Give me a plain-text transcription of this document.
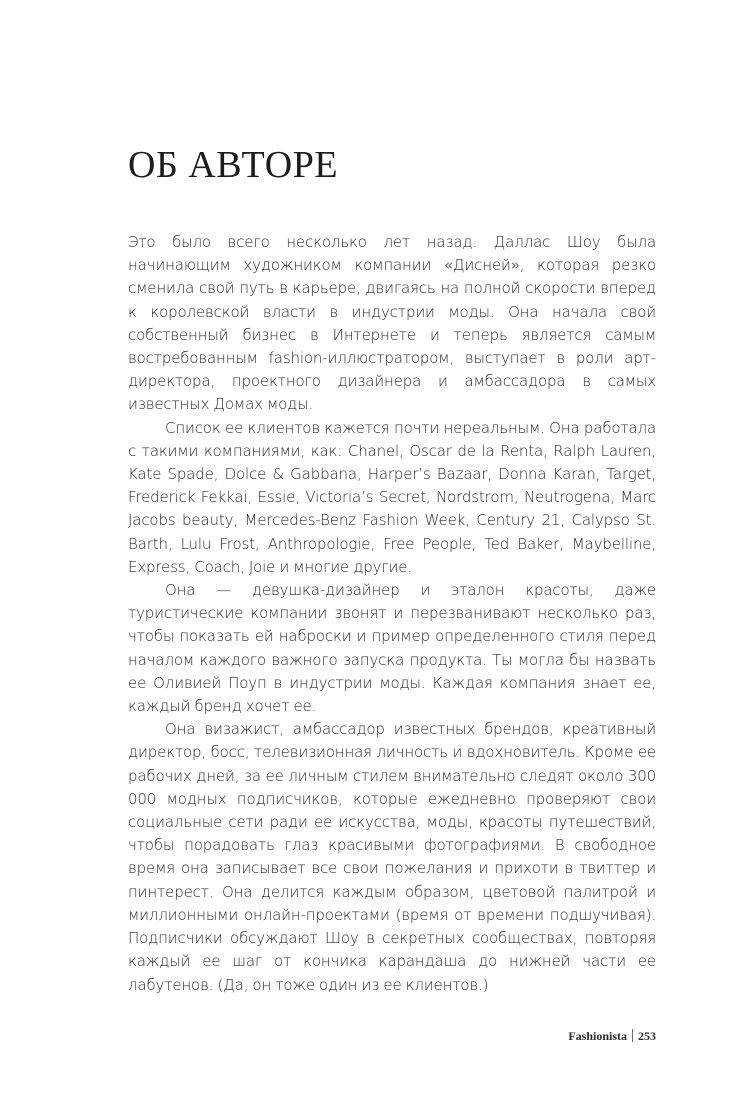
ОБ АВТОРЕ

Это было всего несколько лет назад. Даллас Шоу была начинающим художником компании «Дисней», которая резко сменила свой путь в карьере, двигаясь на полной скорости вперед к королевской власти в индустрии моды. Она начала свой собственный бизнес в Интернете и теперь является самым востребованным fashion-иллюстратором, выступает в роли арт-директора, проектного дизайнера и амбассадора в самых известных Домах моды.

Список ее клиентов кажется почти нереальным. Она работала с такими компаниями, как: Chanel, Oscar de la Renta, Ralph Lauren, Kate Spade, Dolce & Gabbana, Harper’s Bazaar, Donna Karan, Target, Frederick Fekkai, Essie, Victoria’s Secret, Nordstrom, Neutrogena, Marc Jacobs beauty, Mercedes-Benz Fashion Week, Century 21, Calypso St. Barth, Lulu Frost, Anthropologie, Free People, Ted Baker, Maybelline, Express, Coach, Joie и многие другие.

Она — девушка-дизайнер и эталон красоты, даже туристические компании звонят и перезванивают несколько раз, чтобы показать ей наброски и пример определенного стиля перед началом каждого важного запуска продукта. Ты могла бы назвать ее Оливией Поуп в индустрии моды. Каждая компания знает ее, каждый бренд хочет ее.

Она визажист, амбассадор известных брендов, креативный директор, босс, телевизионная личность и вдохновитель. Кроме ее рабочих дней, за ее личным стилем внимательно следят около 300 000 модных подписчиков, которые ежедневно проверяют свои социальные сети ради ее искусства, моды, красоты путешествий, чтобы порадовать глаз красивыми фотографиями. В свободное время она записывает все свои пожелания и прихоти в твиттер и пинтерест. Она делится каждым образом, цветовой палитрой и миллионными онлайн-проектами (время от времени подшучивая). Подписчики обсуждают Шоу в секретных сообществах, повторяя каждый ее шаг от кончика карандаша до нижней части ее лабутенов. (Да, он тоже один из ее клиентов.)

Fashionista 253
